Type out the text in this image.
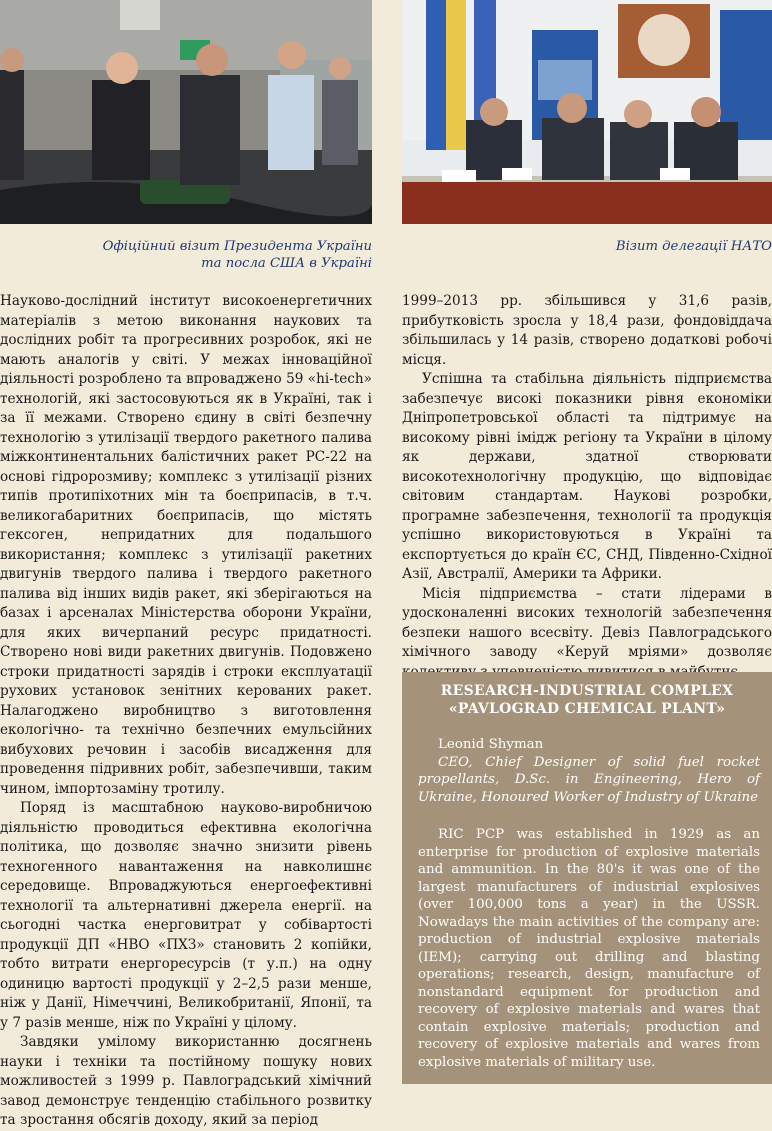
Офіційний візит Президента України
та посла США в Україні
Візит делегації НАТО

Науково-дослідний інститут високоенергетичних матеріалів з метою виконання наукових та дослідних робіт та прогресивних розробок, які не мають аналогів у світі. У межах інноваційної діяльності розроблено та впроваджено 59 «hi-tech» технологій, які застосовуються як в Україні, так і за її межами. Створено єдину в світі безпечну технологію з утилізації твердого ракетного палива міжконтинентальних балістичних ракет РС-22 на основі гідророзмиву; комплекс з утилізації різних типів протипіхотних мін та боєприпасів, в т.ч. великогабаритних боєприпасів, що містять гексоген, непридатних для подальшого використання; комплекс з утилізації ракетних двигунів твердого палива і твердого ракетного палива від інших видів ракет, які зберігаються на базах і арсеналах Міністерства оборони України, для яких вичерпаний ресурс придатності. Створено нові види ракетних двигунів. Подовжено строки придатності зарядів і строки експлуатації рухових установок зенітних керованих ракет. Налагоджено виробництво з виготовлення екологічно- та технічно безпечних емульсійних вибухових речовин і засобів висадження для проведення підривних робіт, забезпечивши, таким чином, імпортозаміну тротилу.

Поряд із масштабною науково-виробничою діяльністю проводиться ефективна екологічна політика, що дозволяє значно знизити рівень техногенного навантаження на навколишнє середовище. Впроваджуються енергоефективні технології та альтернативні джерела енергії. на сьогодні частка енерговитрат у собівартості продукції ДП «НВО «ПХЗ» становить 2 копійки, тобто витрати енергоресурсів (т у.п.) на одну одиницю вартості продукції у 2–2,5 рази менше, ніж у Данії, Німеччині, Великобританії, Японії, та у 7 разів менше, ніж по Україні у цілому.

Завдяки умілому використанню досягнень науки і техніки та постійному пошуку нових можливостей з 1999 р. Павлоградський хімічний завод демонструє тенденцію стабільного розвитку та зростання обсягів доходу, який за період

1999–2013 рр. збільшився у 31,6 разів, прибутковість зросла у 18,4 рази, фондовіддача збільшилась у 14 разів, створено додаткові робочі місця.

Успішна та стабільна діяльність підприємства забезпечує високі показники рівня економіки Дніпропетровської області та підтримує на високому рівні імідж регіону та України в цілому як держави, здатної створювати високотехнологічну продукцію, що відповідає світовим стандартам. Наукові розробки, програмне забезпечення, технології та продукція успішно використовуються в Україні та експортується до країн ЄС, СНД, Південно-Східної Азії, Австралії, Америки та Африки.

Місія підприємства – стати лідерами в удосконаленні високих технологій забезпечення безпеки нашого всесвіту. Девіз Павлоградського хімічного заводу «Керуй мріями» дозволяє

RESEARCH-INDUSTRIAL COMPLEX
«PAVLOGRAD CHEMICAL PLANT»
Leonid Shyman
CEO, Chief Designer of solid fuel rocket propellants, D.Sc. in Engineering, Hero of Ukraine, Honoured Worker of Industry of Ukraine
RIC PCP was established in 1929 as an enterprise for production of explosive materials and ammunition. In the 80's it was one of the largest manufacturers of industrial explosives (over 100,000 tons a year) in the USSR. Nowadays the main activities of the company are: production of industrial explosive materials (IEM); carrying out drilling and blasting operations; research, design, manufacture of nonstandard equipment for production and recovery of explosive materials and wares that contain explosive materials; production and recovery of explosive materials and wares from explosive materials of military use.
